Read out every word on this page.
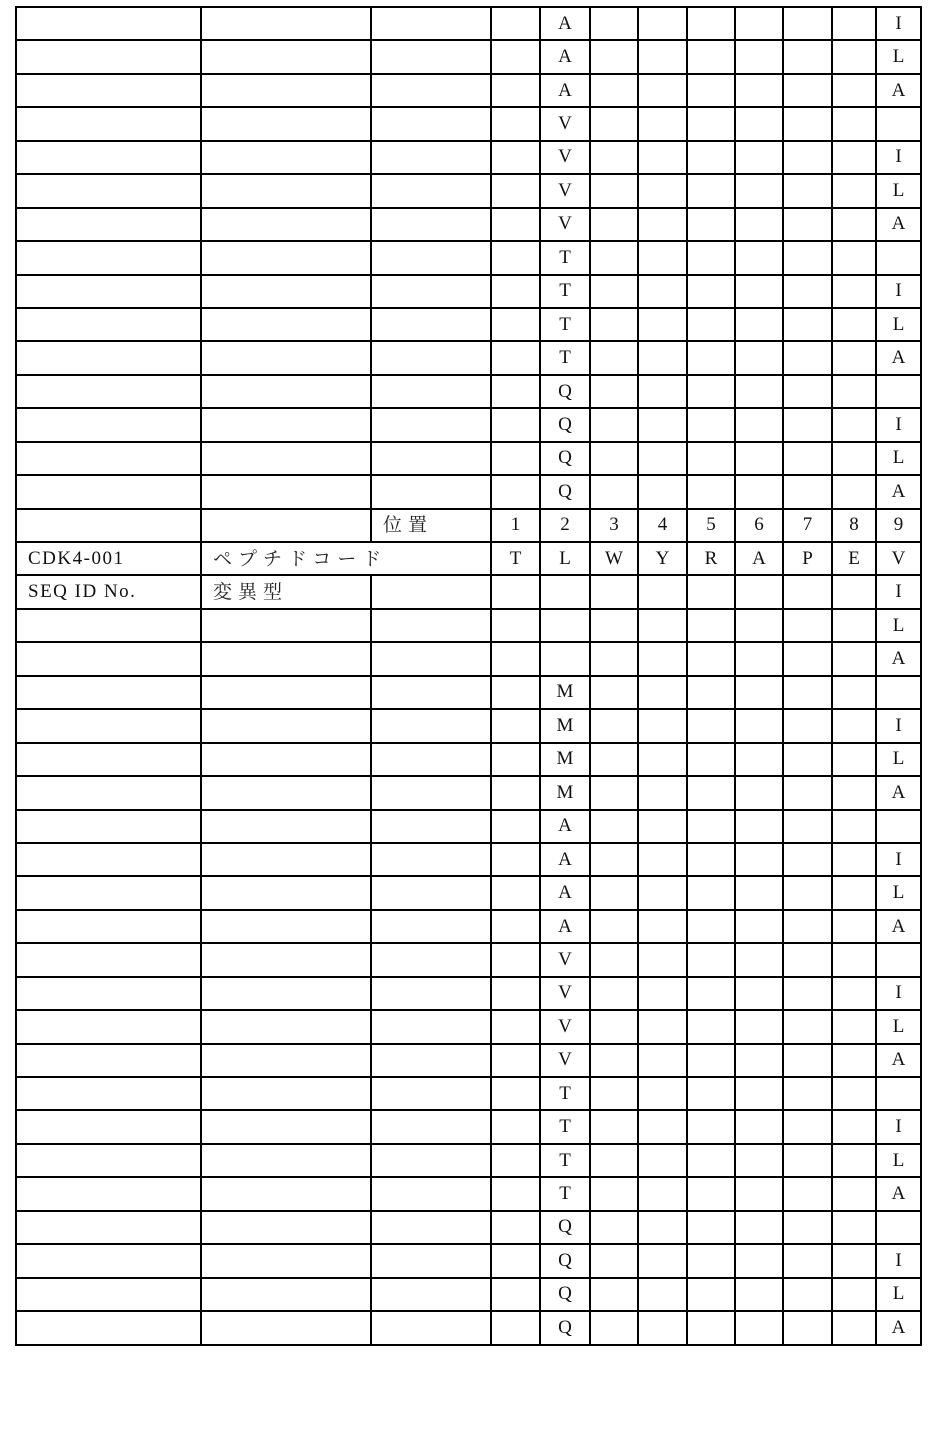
				A							I
				A							L
				A							A
				V							
				V							I
				V							L
				V							A
				T							
				T							I
				T							L
				T							A
				Q							
				Q							I
				Q							L
				Q							A
		位置	1	2	3	4	5	6	7	8	9
CDK4-001	ペプチドコード		T	L	W	Y	R	A	P	E	V
SEQ ID No.	変異型										I
											L
											A
				M							
				M							I
				M							L
				M							A
				A							
				A							I
				A							L
				A							A
				V							
				V							I
				V							L
				V							A
				T							
				T							I
				T							L
				T							A
				Q							
				Q							I
				Q							L
				Q							A
